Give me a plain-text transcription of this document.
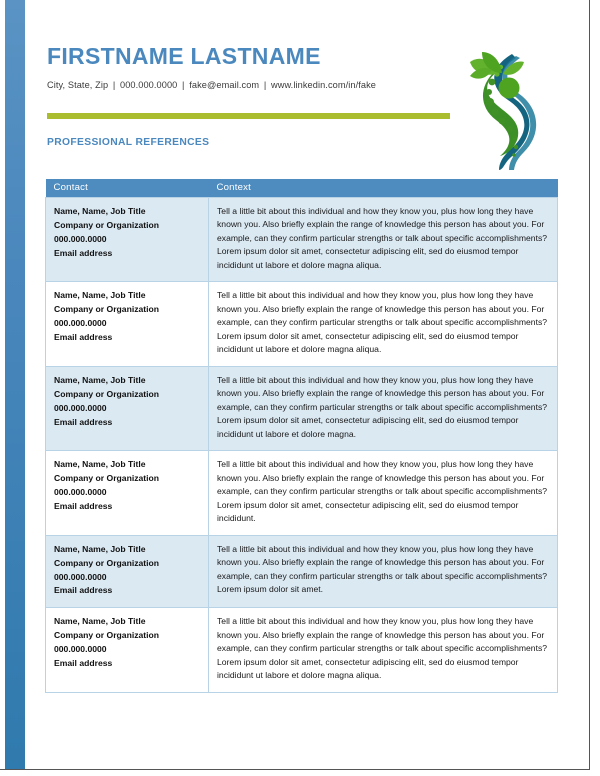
FIRSTNAME LASTNAME
City, State, Zip | 000.000.0000 | fake@email.com | www.linkedin.com/in/fake
PROFESSIONAL REFERENCES
Contact	Context

Name, Name, Job Title
Company or Organization
000.000.0000
Email address
	Tell a little bit about this individual and how they know you, plus how long they have known you. Also briefly explain the range of knowledge this person has about you. For example, can they confirm particular strengths or talk about specific accomplishments? Lorem ipsum dolor sit amet, consectetur adipiscing elit, sed do eiusmod tempor incididunt ut labore et dolore magna aliqua.

Name, Name, Job Title
Company or Organization
000.000.0000
Email address
	Tell a little bit about this individual and how they know you, plus how long they have known you. Also briefly explain the range of knowledge this person has about you. For example, can they confirm particular strengths or talk about specific accomplishments? Lorem ipsum dolor sit amet, consectetur adipiscing elit, sed do eiusmod tempor incididunt ut labore et dolore magna aliqua.

Name, Name, Job Title
Company or Organization
000.000.0000
Email address
	Tell a little bit about this individual and how they know you, plus how long they have known you. Also briefly explain the range of knowledge this person has about you. For example, can they confirm particular strengths or talk about specific accomplishments? Lorem ipsum dolor sit amet, consectetur adipiscing elit, sed do eiusmod tempor incididunt ut labore et dolore magna.

Name, Name, Job Title
Company or Organization
000.000.0000
Email address
	Tell a little bit about this individual and how they know you, plus how long they have known you. Also briefly explain the range of knowledge this person has about you. For example, can they confirm particular strengths or talk about specific accomplishments? Lorem ipsum dolor sit amet, consectetur adipiscing elit, sed do eiusmod tempor incididunt.

Name, Name, Job Title
Company or Organization
000.000.0000
Email address
	Tell a little bit about this individual and how they know you, plus how long they have known you. Also briefly explain the range of knowledge this person has about you. For example, can they confirm particular strengths or talk about specific accomplishments? Lorem ipsum dolor sit amet.

Name, Name, Job Title
Company or Organization
000.000.0000
Email address
	Tell a little bit about this individual and how they know you, plus how long they have known you. Also briefly explain the range of knowledge this person has about you. For example, can they confirm particular strengths or talk about specific accomplishments? Lorem ipsum dolor sit amet, consectetur adipiscing elit, sed do eiusmod tempor incididunt ut labore et dolore magna aliqua.
